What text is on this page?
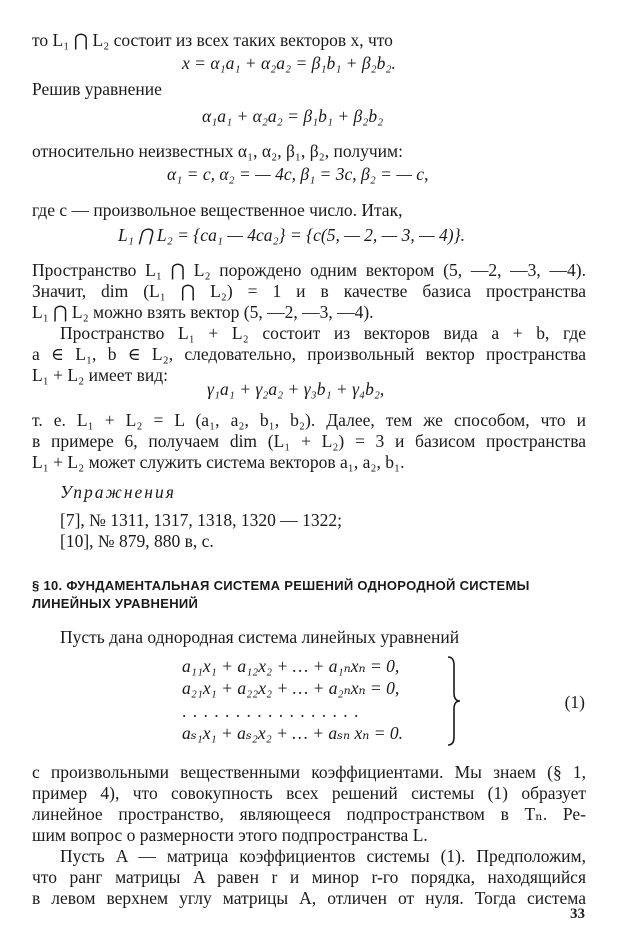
то L₁ ⋂ L₂ состоит из всех таких векторов x, что
x = α₁a₁ + α₂a₂ = β₁b₁ + β₂b₂.
Решив уравнение
α₁a₁ + α₂a₂ = β₁b₁ + β₂b₂
относительно неизвестных α₁, α₂, β₁, β₂, получим:
α₁ = c, α₂ = — 4c, β₁ = 3c, β₂ = — c,
где c — произвольное вещественное число. Итак,
L₁ ⋂ L₂ = {ca₁ — 4ca₂} = {c(5, — 2, — 3, — 4)}.
Пространство L₁ ⋂ L₂ порождено одним вектором (5, —2, —3, —4).
Значит, dim (L₁ ⋂ L₂) = 1 и в качестве базиса пространства
L₁ ⋂ L₂ можно взять вектор (5, —2, —3, —4).
Пространство L₁ + L₂ состоит из векторов вида a + b, где
a ∈ L₁, b ∈ L₂, следовательно, произвольный вектор пространства
L₁ + L₂ имеет вид:
γ₁a₁ + γ₂a₂ + γ₃b₁ + γ₄b₂,
т. е. L₁ + L₂ = L (a₁, a₂, b₁, b₂). Далее, тем же способом, что и
в примере 6, получаем dim (L₁ + L₂) = 3 и базисом пространства
L₁ + L₂ может служить система векторов a₁, a₂, b₁.
Упражнения
[7], № 1311, 1317, 1318, 1320 — 1322;
[10], № 879, 880 в, с.
§ 10. ФУНДАМЕНТАЛЬНАЯ СИСТЕМА РЕШЕНИЙ ОДНОРОДНОЙ СИСТЕМЫ
ЛИНЕЙНЫХ УРАВНЕНИЙ
Пусть дана однородная система линейных уравнений
a₁₁x₁ + a₁₂x₂ + … + a₁ₙxₙ = 0,
a₂₁x₁ + a₂₂x₂ + … + a₂ₙxₙ = 0,
. . . . . . . . . . . . . . . . .
aₛ₁x₁ + aₛ₂x₂ + … + aₛₙ xₙ = 0.
(1)
с произвольными вещественными коэффициентами. Мы знаем (§ 1,
пример 4), что совокупность всех решений системы (1) образует
линейное пространство, являющееся подпространством в Tₙ. Ре-
шим вопрос о размерности этого подпространства L.
Пусть A — матрица коэффициентов системы (1). Предположим,
что ранг матрицы A равен r и минор r-го порядка, находящийся
в левом верхнем углу матрицы A, отличен от нуля. Тогда система
33
